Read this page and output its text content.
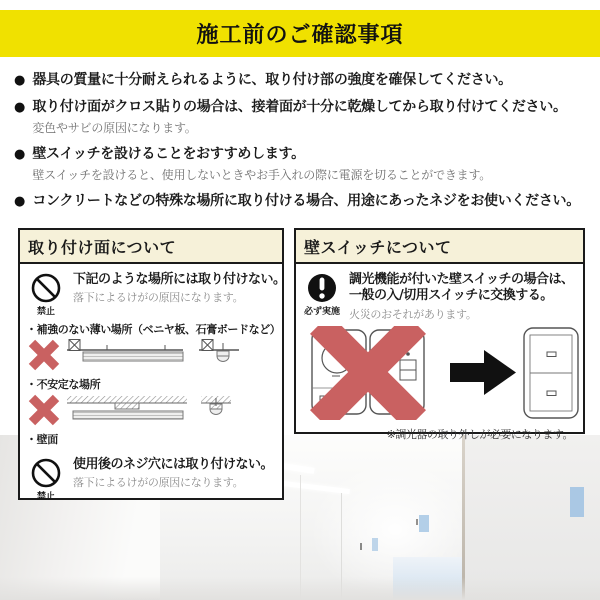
施工前のご確認事項
● 器具の質量に十分耐えられるように、取り付け部の強度を確保してください。
● 取り付け面がクロス貼りの場合は、接着面が十分に乾燥してから取り付けてください。
変色やサビの原因になります。
● 壁スイッチを設けることをおすすめします。
壁スイッチを設けると、使用しないときやお手入れの際に電源を切ることができます。
● コンクリートなどの特殊な場所に取り付ける場合、用途にあったネジをお使いください。
取り付け面について
禁止
下記のような場所には取り付けない。
落下によるけがの原因になります。
・補強のない薄い場所（ベニヤ板、石膏ボードなど）
・不安定な場所
・壁面
禁止
使用後のネジ穴には取り付けない。
落下によるけがの原因になります。
壁スイッチについて
必ず実施
調光機能が付いた壁スイッチの場合は、
一般の入/切用スイッチに交換する。
火災のおそれがあります。
※調光器の取り外しが必要になります。
